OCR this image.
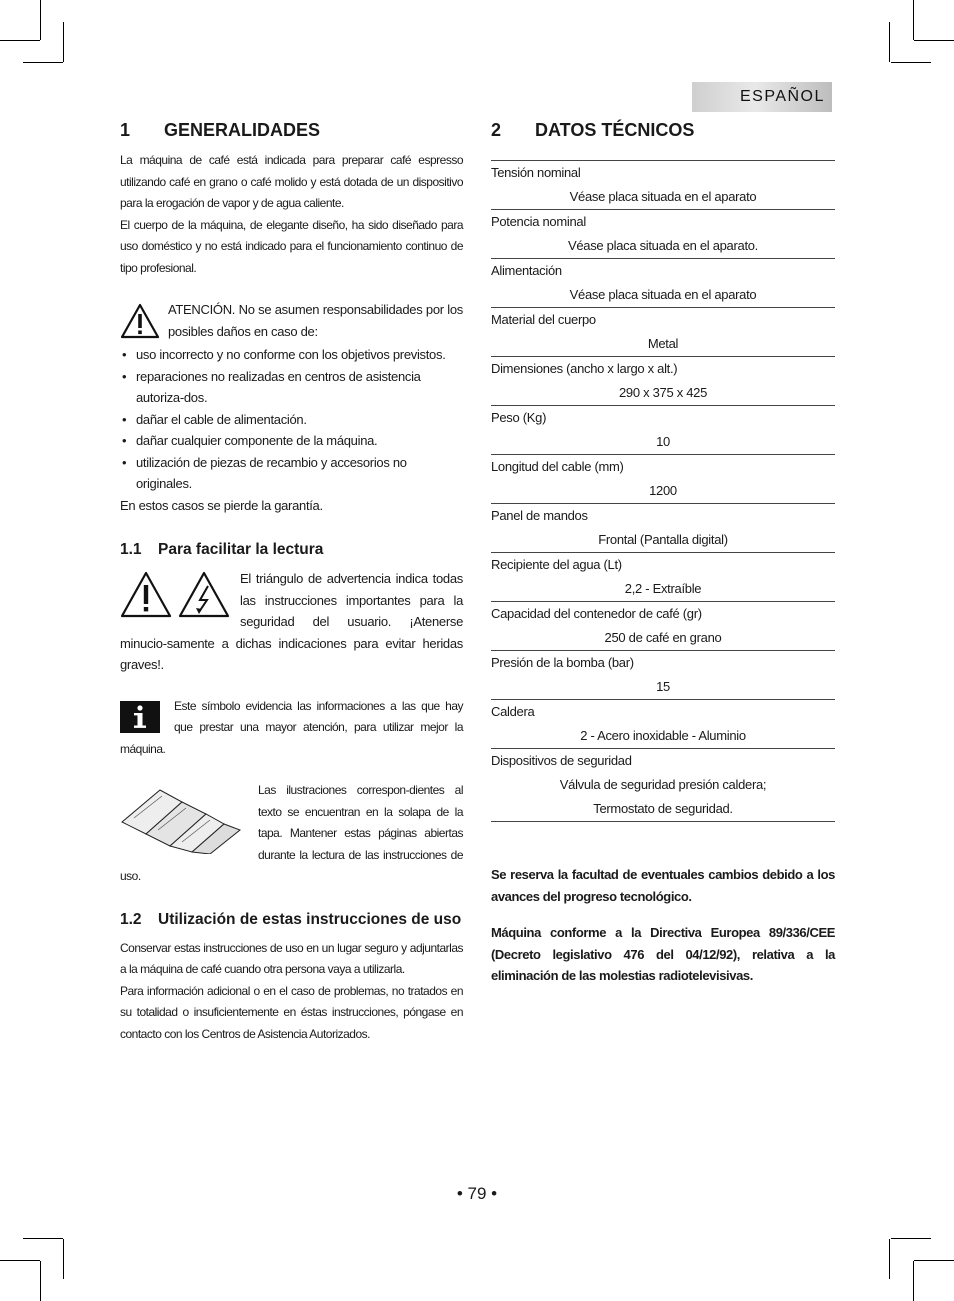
ESPAÑOL
1 GENERALIDADES

La máquina de café está indicada para preparar café espresso utilizando café en grano o café molido y está dotada de un dispositivo para la erogación de vapor y de agua caliente.

El cuerpo de la máquina, de elegante diseño, ha sido diseñado para uso doméstico y no está indicado para el funcionamiento continuo de tipo profesional.

ATENCIÓN. No se asumen responsabilidades por los posibles daños en caso de:

• uso incorrecto y no conforme con los objetivos previstos.
• reparaciones no realizadas en centros de asistencia autoriza-dos.
• dañar el cable de alimentación.
• dañar cualquier componente de la máquina.
• utilización de piezas de recambio y accesorios no originales.

En estos casos se pierde la garantía.

1.1 Para facilitar la lectura

El triángulo de advertencia indica todas las instrucciones importantes para la seguridad del usuario. ¡Atenerse minucio-samente a dichas indicaciones para evitar heridas graves!.

Este símbolo evidencia las informaciones a las que hay que prestar una mayor atención, para utilizar mejor la máquina.

Las ilustraciones correspon-dientes al texto se encuentran en la solapa de la tapa. Mantener estas páginas abiertas durante la lectura de las instrucciones de uso.

1.2 Utilización de estas instrucciones de uso

Conservar estas instrucciones de uso en un lugar seguro y adjuntarlas a la máquina de café cuando otra persona vaya a utilizarla.

Para información adicional o en el caso de problemas, no tratados en su totalidad o insuficientemente en éstas instrucciones, póngase en contacto con los Centros de Asistencia Autorizados.

2 DATOS TÉCNICOS
Tensión nominal
Véase placa situada en el aparato
Potencia nominal
Véase placa situada en el aparato.
Alimentación
Véase placa situada en el aparato
Material del cuerpo
Metal
Dimensiones (ancho x largo x alt.)
290 x 375 x 425
Peso (Kg)
10
Longitud del cable (mm)
1200
Panel de mandos
Frontal (Pantalla digital)
Recipiente del agua (Lt)
2,2 - Extraíble
Capacidad del contenedor de café (gr)
250 de café en grano
Presión de la bomba (bar)
15
Caldera
2 - Acero inoxidable - Aluminio
Dispositivos de seguridad
Válvula de seguridad presión caldera;
Termostato de seguridad.

Se reserva la facultad de eventuales cambios debido a los avances del progreso tecnológico.

Máquina conforme a la Directiva Europea 89/336/CEE (Decreto legislativo 476 del 04/12/92), relativa a la eliminación de las molestias radiotelevisivas.

• 79 •
